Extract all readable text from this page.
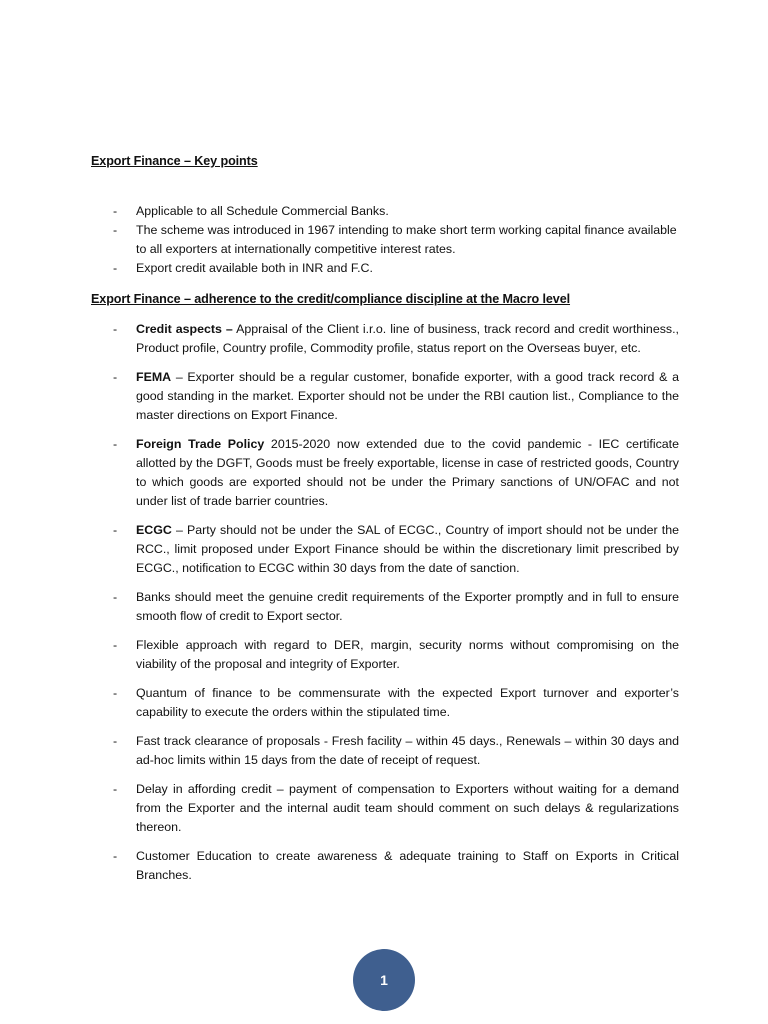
Export Finance – Key points

- Applicable to all Schedule Commercial Banks.
- The scheme was introduced in 1967 intending to make short term working capital finance available to all exporters at internationally competitive interest rates.
- Export credit available both in INR and F.C.

Export Finance – adherence to the credit/compliance discipline at the Macro level

- Credit aspects – Appraisal of the Client i.r.o. line of business, track record and credit worthiness., Product profile, Country profile, Commodity profile, status report on the Overseas buyer, etc.
- FEMA – Exporter should be a regular customer, bonafide exporter, with a good track record & a good standing in the market. Exporter should not be under the RBI caution list., Compliance to the master directions on Export Finance.
- Foreign Trade Policy 2015-2020 now extended due to the covid pandemic - IEC certificate allotted by the DGFT, Goods must be freely exportable, license in case of restricted goods, Country to which goods are exported should not be under the Primary sanctions of UN/OFAC and not under list of trade barrier countries.
- ECGC – Party should not be under the SAL of ECGC., Country of import should not be under the RCC., limit proposed under Export Finance should be within the discretionary limit prescribed by ECGC., notification to ECGC within 30 days from the date of sanction.
- Banks should meet the genuine credit requirements of the Exporter promptly and in full to ensure smooth flow of credit to Export sector.
- Flexible approach with regard to DER, margin, security norms without compromising on the viability of the proposal and integrity of Exporter.
- Quantum of finance to be commensurate with the expected Export turnover and exporter’s capability to execute the orders within the stipulated time.
- Fast track clearance of proposals - Fresh facility – within 45 days., Renewals – within 30 days and ad-hoc limits within 15 days from the date of receipt of request.
- Delay in affording credit – payment of compensation to Exporters without waiting for a demand from the Exporter and the internal audit team should comment on such delays & regularizations thereon.
- Customer Education to create awareness & adequate training to Staff on Exports in Critical Branches.
1
